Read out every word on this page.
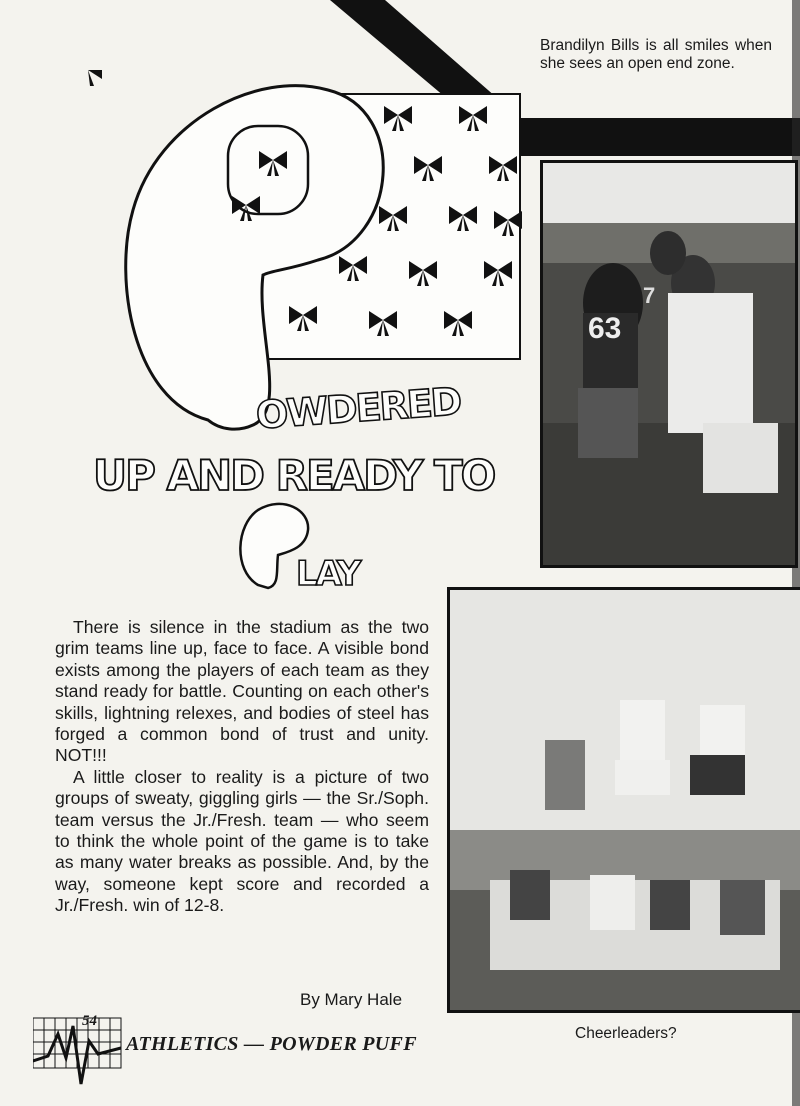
Brandilyn Bills is all smiles when she sees an open end zone.
63
7
OWDERED
UP AND READY TO
LAY

There is silence in the stadium as the two grim teams line up, face to face. A visible bond exists among the players of each team as they stand ready for battle. Counting on each other's skills, lightning relexes, and bodies of steel has forged a common bond of trust and unity. NOT!!!

A little closer to reality is a picture of two groups of sweaty, giggling girls — the Sr./Soph. team versus the Jr./Fresh. team — who seem to think the whole point of the game is to take as many water breaks as possible. And, by the way, someone kept score and recorded a Jr./Fresh. win of 12-8.

By Mary Hale
Cheerleaders?
54
ATHLETICS — POWDER PUFF
